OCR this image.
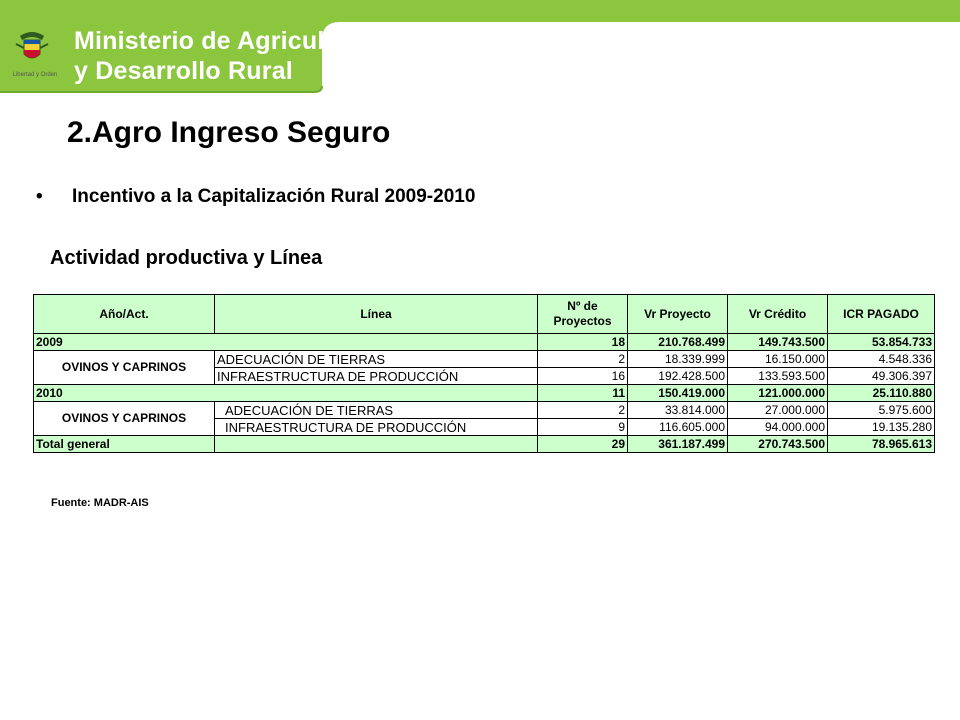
Libertad y Orden
Ministerio de Agricultura
y Desarrollo Rural
2.Agro Ingreso Seguro
• Incentivo a la Capitalización Rural 2009-2010
Actividad productiva y Línea
Año/Act.	Línea	Nº de Proyectos	Vr Proyecto	Vr Crédito	ICR PAGADO
2009		18	210.768.499	149.743.500	53.854.733
OVINOS Y CAPRINOS	ADECUACIÓN DE TIERRAS	2	18.339.999	16.150.000	4.548.336
	INFRAESTRUCTURA DE PRODUCCIÓN	16	192.428.500	133.593.500	49.306.397
2010		11	150.419.000	121.000.000	25.110.880
OVINOS Y CAPRINOS	ADECUACIÓN DE TIERRAS	2	33.814.000	27.000.000	5.975.600
	INFRAESTRUCTURA DE PRODUCCIÓN	9	116.605.000	94.000.000	19.135.280
Total general		29	361.187.499	270.743.500	78.965.613
Fuente: MADR-AIS
